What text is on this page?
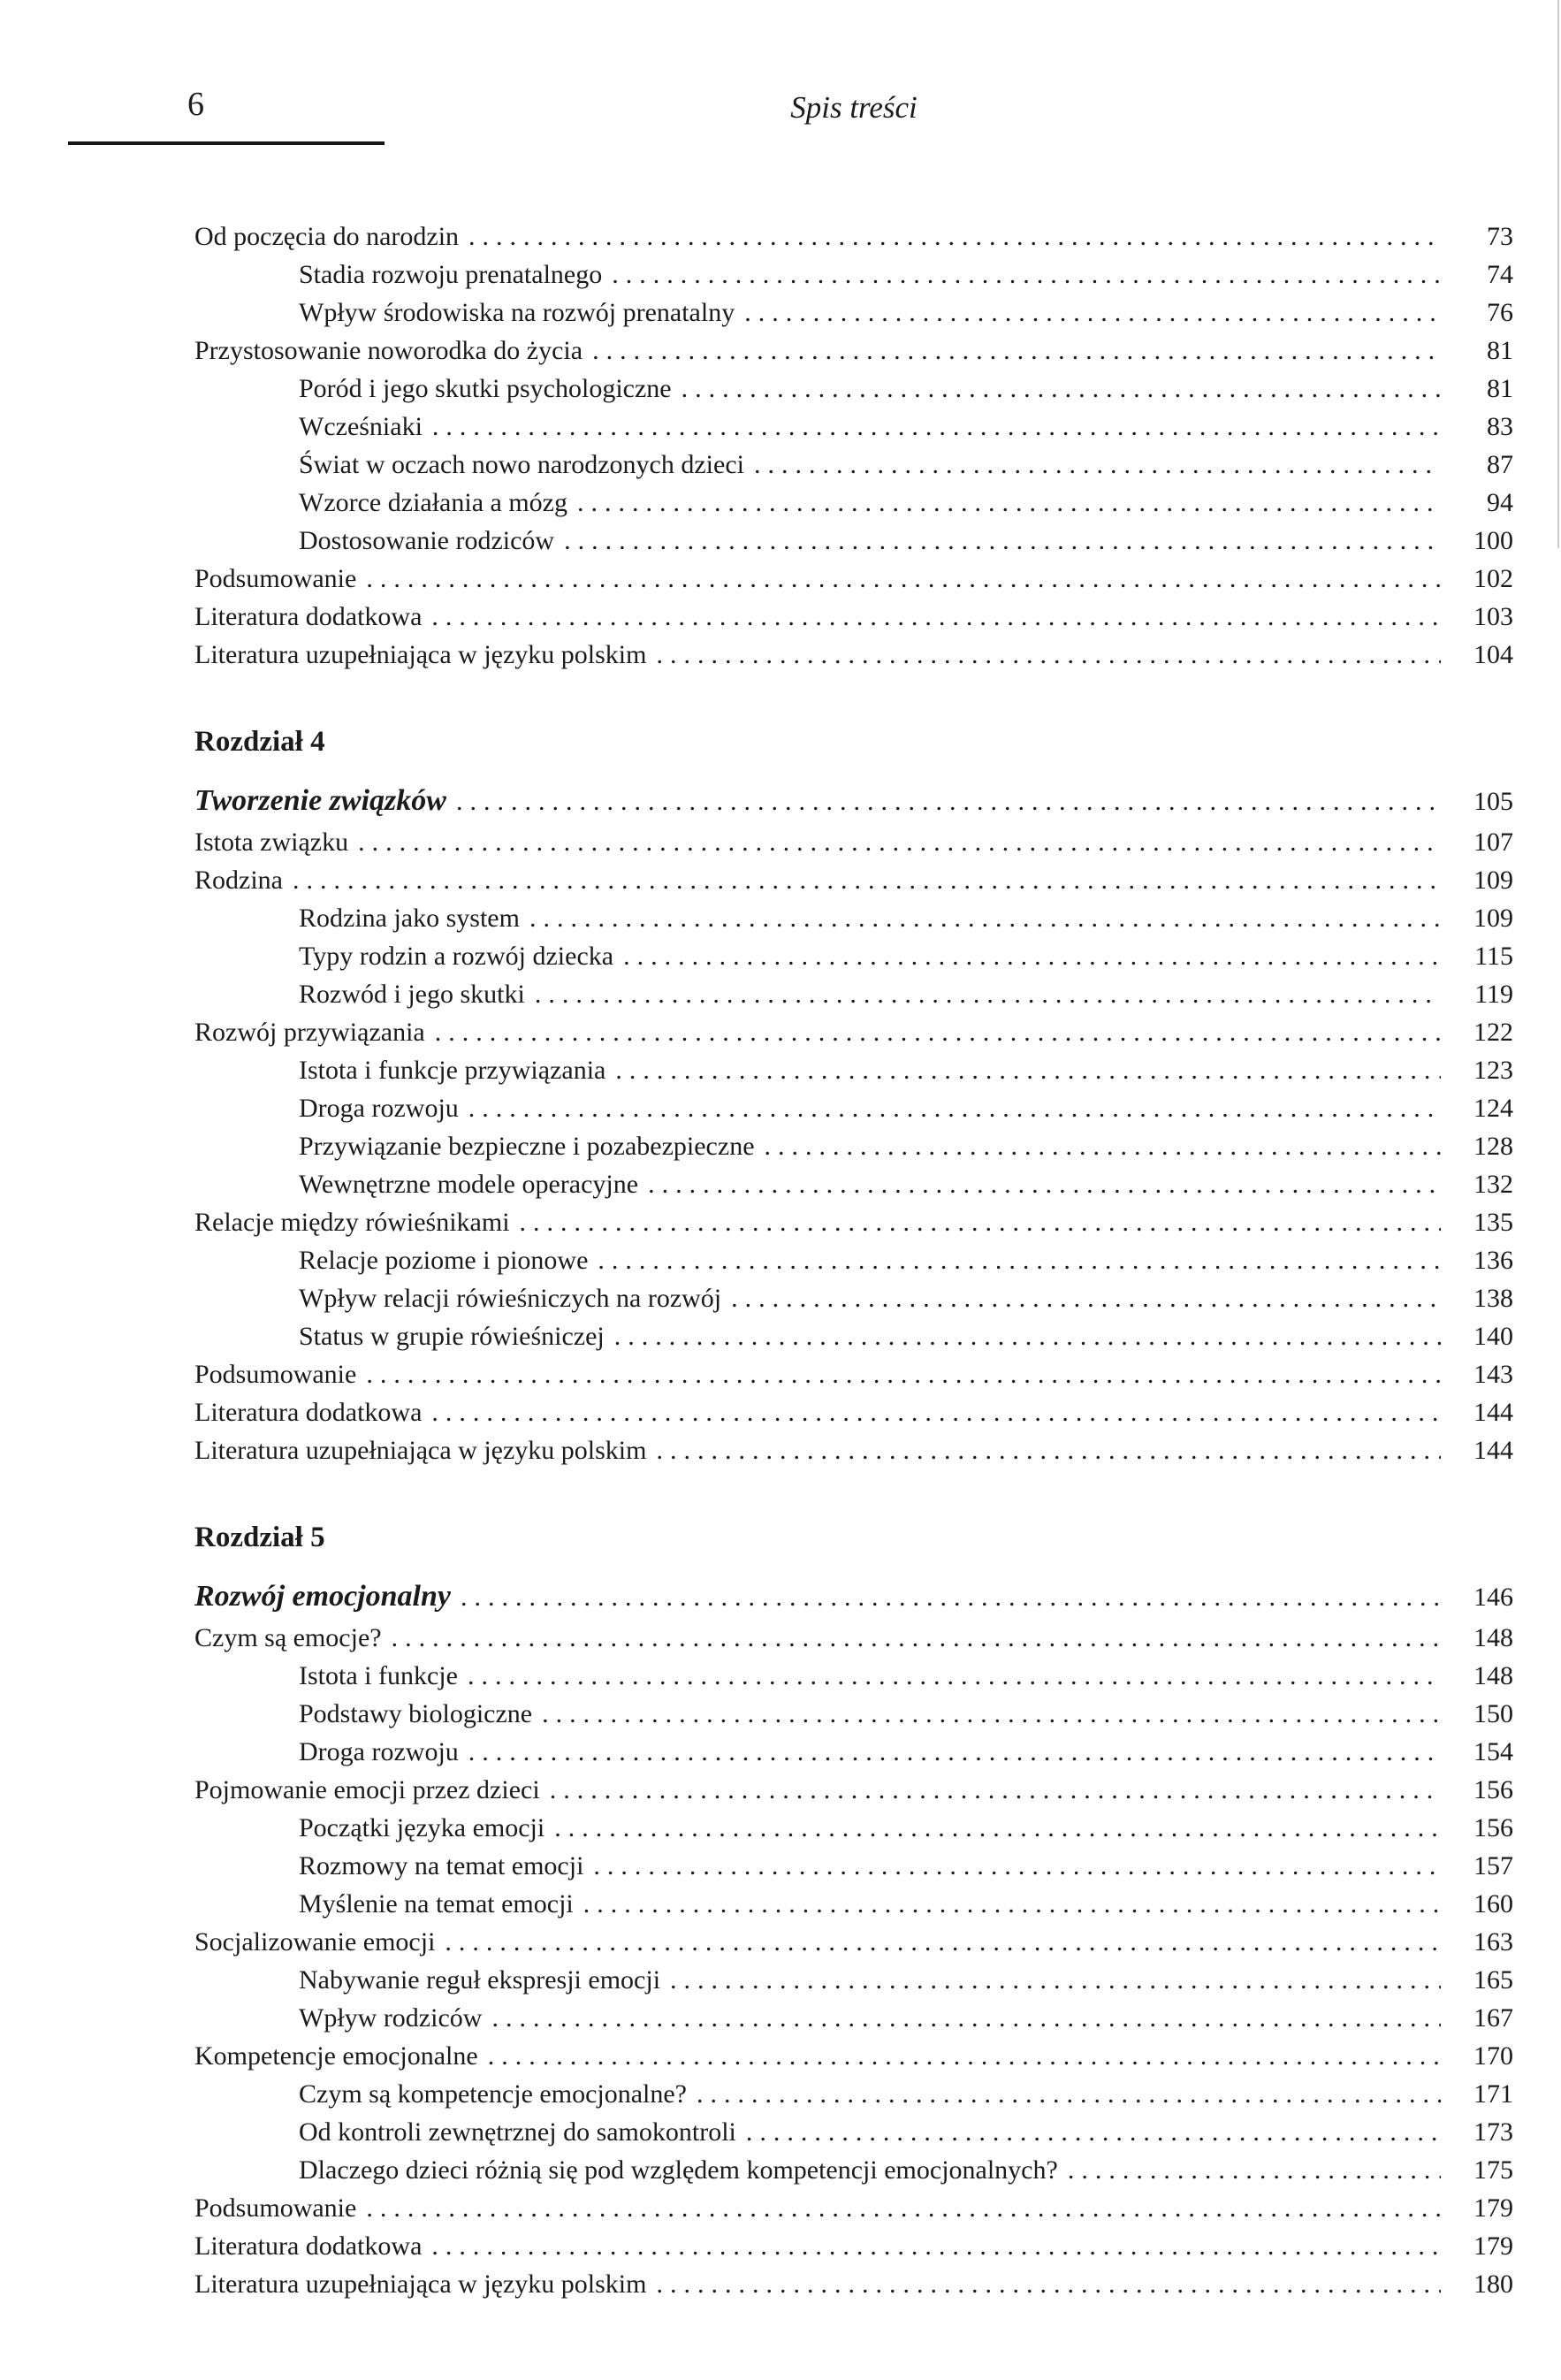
6	Spis treści
Od poczęcia do narodzin .....	73
Stadia rozwoju prenatalnego .....	74
Wpływ środowiska na rozwój prenatalny .....	76
Przystosowanie noworodka do życia .....	81
Poród i jego skutki psychologiczne .....	81
Wcześniaki .....	83
Świat w oczach nowo narodzonych dzieci .....	87
Wzorce działania a mózg .....	94
Dostosowanie rodziców .....	100
Podsumowanie .....	102
Literatura dodatkowa .....	103
Literatura uzupełniająca w języku polskim .....	104
Rozdział 4
Tworzenie związków .....	105
Istota związku .....	107
Rodzina .....	109
Rodzina jako system .....	109
Typy rodzin a rozwój dziecka .....	115
Rozwód i jego skutki .....	119
Rozwój przywiązania .....	122
Istota i funkcje przywiązania .....	123
Droga rozwoju .....	124
Przywiązanie bezpieczne i pozabezpieczne .....	128
Wewnętrzne modele operacyjne .....	132
Relacje między rówieśnikami .....	135
Relacje poziome i pionowe .....	136
Wpływ relacji rówieśniczych na rozwój .....	138
Status w grupie rówieśniczej .....	140
Podsumowanie .....	143
Literatura dodatkowa .....	144
Literatura uzupełniająca w języku polskim .....	144
Rozdział 5
Rozwój emocjonalny .....	146
Czym są emocje? .....	148
Istota i funkcje .....	148
Podstawy biologiczne .....	150
Droga rozwoju .....	154
Pojmowanie emocji przez dzieci .....	156
Początki języka emocji .....	156
Rozmowy na temat emocji .....	157
Myślenie na temat emocji .....	160
Socjalizowanie emocji .....	163
Nabywanie reguł ekspresji emocji .....	165
Wpływ rodziców .....	167
Kompetencje emocjonalne .....	170
Czym są kompetencje emocjonalne? .....	171
Od kontroli zewnętrznej do samokontroli .....	173
Dlaczego dzieci różnią się pod względem kompetencji emocjonalnych? .....	175
Podsumowanie .....	179
Literatura dodatkowa .....	179
Literatura uzupełniająca w języku polskim .....	180
